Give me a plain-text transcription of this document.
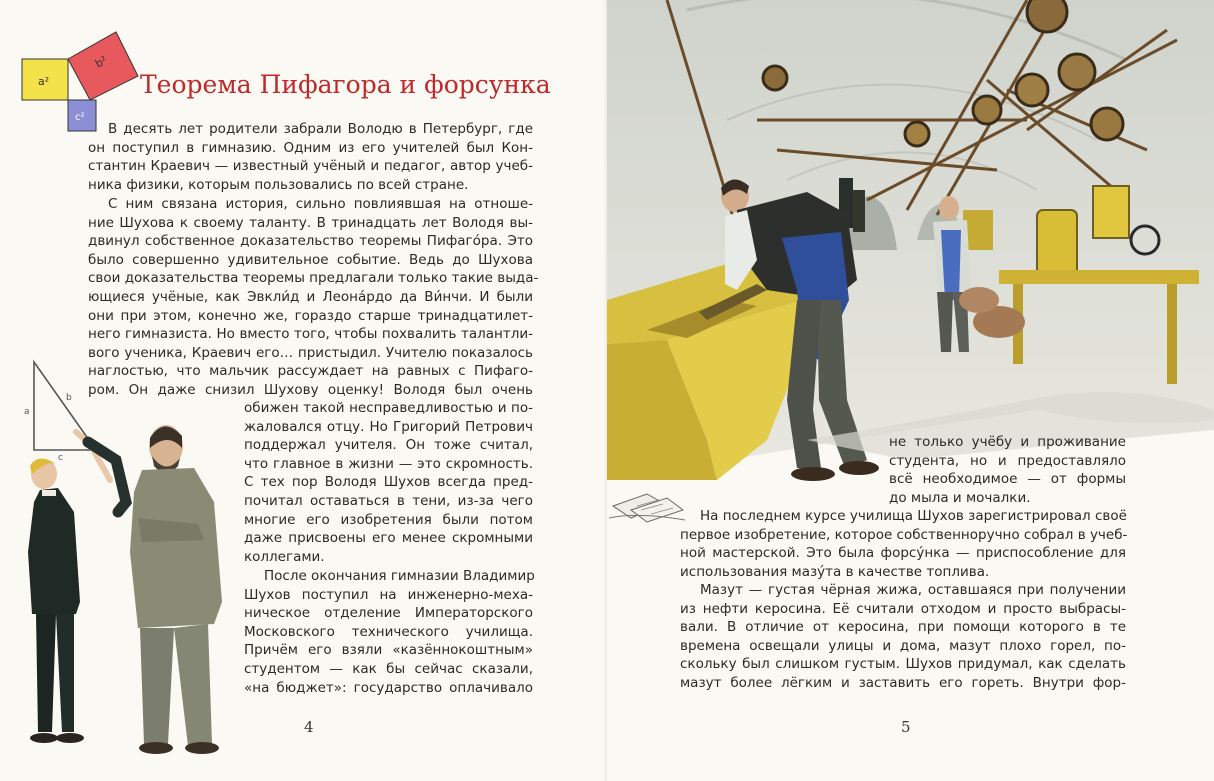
a²
b²
c²
Теорема Пифагора и форсунка
В десять лет родители забрали Володю в Петербург, где
он поступил в гимназию. Одним из его учителей был Кон-
стантин Краевич — известный учёный и педагог, автор учеб-
ника физики, которым пользовались по всей стране.
С ним связана история, сильно повлиявшая на отноше-
ние Шухова к своему таланту. В тринадцать лет Володя вы-
двинул собственное доказательство теоремы Пифаго́ра. Это
было совершенно удивительное событие. Ведь до Шухова
свои доказательства теоремы предлагали только такие выда-
ющиеся учёные, как Эвкли́д и Леона́рдо да Ви́нчи. И были
они при этом, конечно же, гораздо старше тринадцатилет-
него гимназиста. Но вместо того, чтобы похвалить талантли-
вого ученика, Краевич его… пристыдил. Учителю показалось
наглостью, что мальчик рассуждает на равных с Пифаго-
ром. Он даже снизил Шухову оценку! Володя был очень
обижен такой несправедливостью и по-
жаловался отцу. Но Григорий Петрович
поддержал учителя. Он тоже считал,
что главное в жизни — это скромность.
С тех пор Володя Шухов всегда пред-
почитал оставаться в тени, из-за чего
многие его изобретения были потом
даже присвоены его менее скромными
коллегами.
После окончания гимназии Владимир
Шухов поступил на инженерно-меха-
ническое отделение Императорского
Московского технического училища.
Причём его взяли «казённокоштным»
студентом — как бы сейчас сказали,
«на бюджет»: государство оплачивало
a
b
c
4
не только учёбу и проживание
студента, но и предоставляло
всё необходимое — от формы
до мыла и мочалки.
На последнем курсе училища Шухов зарегистрировал своё
первое изобретение, которое собственноручно собрал в учеб-
ной мастерской. Это была форсу́нка — приспособление для
использования мазу́та в качестве топлива.
Мазут — густая чёрная жижа, оставшаяся при получении
из нефти керосина. Её считали отходом и просто выбрасы-
вали. В отличие от керосина, при помощи которого в те
времена освещали улицы и дома, мазут плохо горел, по-
скольку был слишком густым. Шухов придумал, как сделать
мазут более лёгким и заставить его гореть. Внутри фор-
5
